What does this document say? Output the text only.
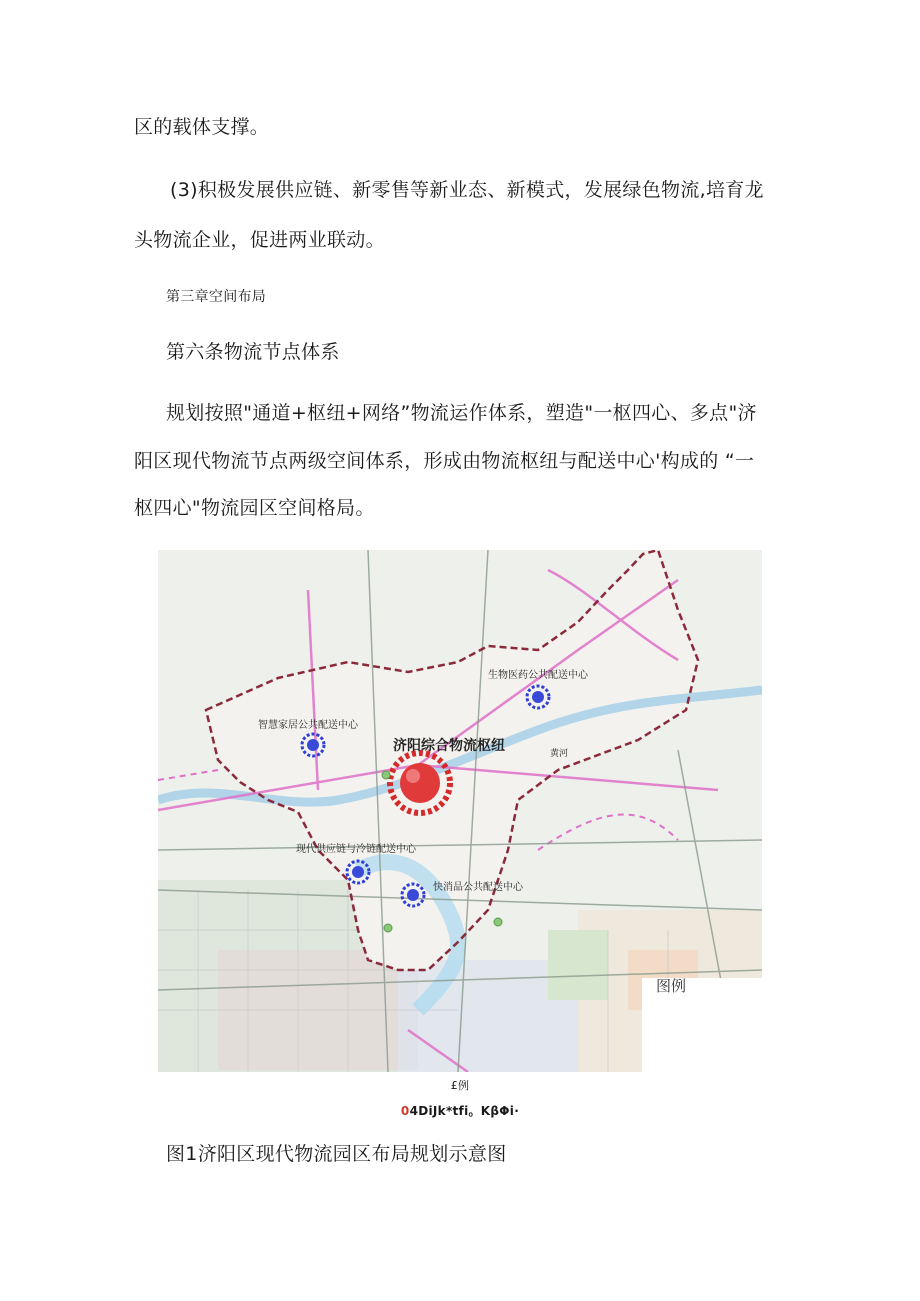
区的载体支撑。
(3)积极发展供应链、新零售等新业态、新模式，发展绿色物流,培育龙
头物流企业，促进两业联动。
第三章空间布局
第六条物流节点体系
规划按照"通道+枢纽+网络”物流运作体系，塑造"一枢四心、多点"济
阳区现代物流节点两级空间体系，形成由物流枢纽与配送中心'构成的 “一
枢四心"物流园区空间格局。
生物医药公共配送中心
智慧家居公共配送中心
济阳综合物流枢纽
现代供应链与冷链配送中心
快消品公共配送中心
黄河
图例
£例
04DiJk*tfi。KβΦi·
图1济阳区现代物流园区布局规划示意图
